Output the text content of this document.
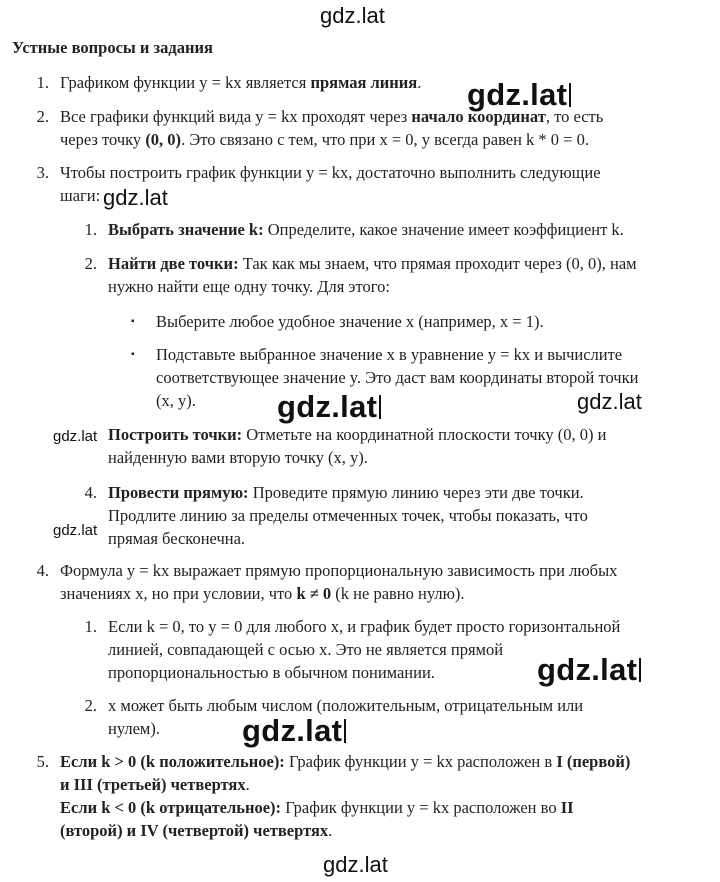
Устные вопросы и задания
1. Графиком функции y = kx является прямая линия.
2. Все графики функций вида y = kx проходят через начало координат, то есть
через точку (0, 0). Это связано с тем, что при x = 0, y всегда равен k * 0 = 0.
3. Чтобы построить график функции y = kx, достаточно выполнить следующие
шаги:
1. Выбрать значение k: Определите, какое значение имеет коэффициент k.
2. Найти две точки: Так как мы знаем, что прямая проходит через (0, 0), нам
нужно найти еще одну точку. Для этого:
▪ Выберите любое удобное значение x (например, x = 1).
▪ Подставьте выбранное значение x в уравнение y = kx и вычислите
соответствующее значение y. Это даст вам координаты второй точки
(x, y).
Построить точки: Отметьте на координатной плоскости точку (0, 0) и
найденную вами вторую точку (x, y).
4. Провести прямую: Проведите прямую линию через эти две точки.
Продлите линию за пределы отмеченных точек, чтобы показать, что
прямая бесконечна.
4. Формула y = kx выражает прямую пропорциональную зависимость при любых
значениях x, но при условии, что k ≠ 0 (k не равно нулю).
1. Если k = 0, то y = 0 для любого x, и график будет просто горизонтальной
линией, совпадающей с осью x. Это не является прямой
пропорциональностью в обычном понимании.
2. x может быть любым числом (положительным, отрицательным или
нулем).
5. Если k > 0 (k положительное): График функции y = kx расположен в I (первой)
и III (третьей) четвертях.
Если k < 0 (k отрицательное): График функции y = kx расположен во II
(второй) и IV (четвертой) четвертях.
gdz.lat
gdz.lat
gdz.lat
gdz.lat	gdz.lat
gdz.lat
gdz.lat
gdz.lat
gdz.lat
gdz.lat
